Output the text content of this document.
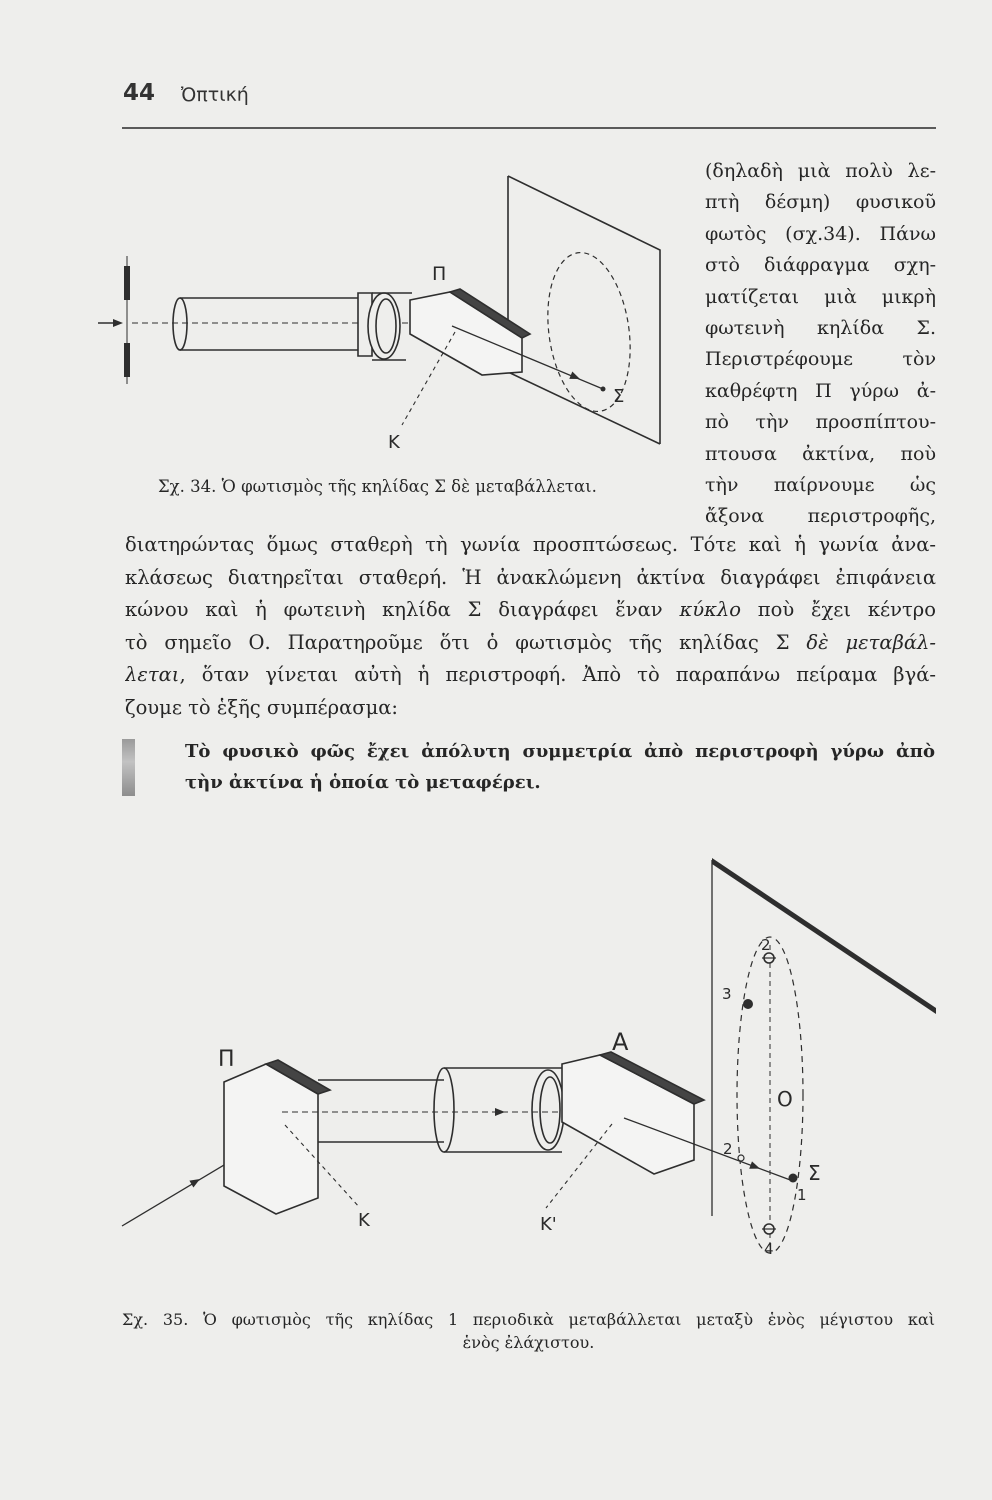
44 Ὀπτική
Π
Σ
Κ
Σχ. 34. Ὁ φωτισμὸς τῆς κηλίδας Σ δὲ μεταβάλλεται.
(δηλαδὴ μιὰ πολὺ λε-
πτὴ δέσμη) φυσικοῦ
φωτὸς (σχ.34). Πάνω
στὸ διάφραγμα σχη-
ματίζεται μιὰ μικρὴ
φωτεινὴ κηλίδα Σ.
Περιστρέφουμε τὸν
καθρέφτη Π γύρω ἀ-
πὸ τὴν προσπίπτου-
πτουσα ἀκτίνα, ποὺ
τὴν παίρνουμε ὡς
ἄξονα περιστροφῆς,
διατηρώντας ὅμως σταθερὴ τὴ γωνία προσπτώσεως. Τότε καὶ ἡ γωνία ἀνα-
κλάσεως διατηρεῖται σταθερή. Ἡ ἀνακλώμενη ἀκτίνα διαγράφει ἐπιφάνεια
κώνου καὶ ἡ φωτεινὴ κηλίδα Σ διαγράφει ἕναν κύκλο ποὺ ἔχει κέντρο
τὸ σημεῖο Ο. Παρατηροῦμε ὅτι ὁ φωτισμὸς τῆς κηλίδας Σ δὲ μεταβάλ-
λεται, ὅταν γίνεται αὐτὴ ἡ περιστροφή. Ἀπὸ τὸ παραπάνω πείραμα βγά-
ζουμε τὸ ἑξῆς συμπέρασμα:
Τὸ φυσικὸ φῶς ἔχει ἀπόλυτη συμμετρία ἀπὸ περιστροφὴ γύρω ἀπὸ
τὴν ἀκτίνα ἡ ὁποία τὸ μεταφέρει.
Π
Α
Κ	Κ'
2
3
Ο
2
Σ
1
4
Σχ. 35. Ὁ φωτισμὸς τῆς κηλίδας 1 περιοδικὰ μεταβάλλεται μεταξὺ ἑνὸς μέγιστου καὶ
ἑνὸς ἐλάχιστου.
